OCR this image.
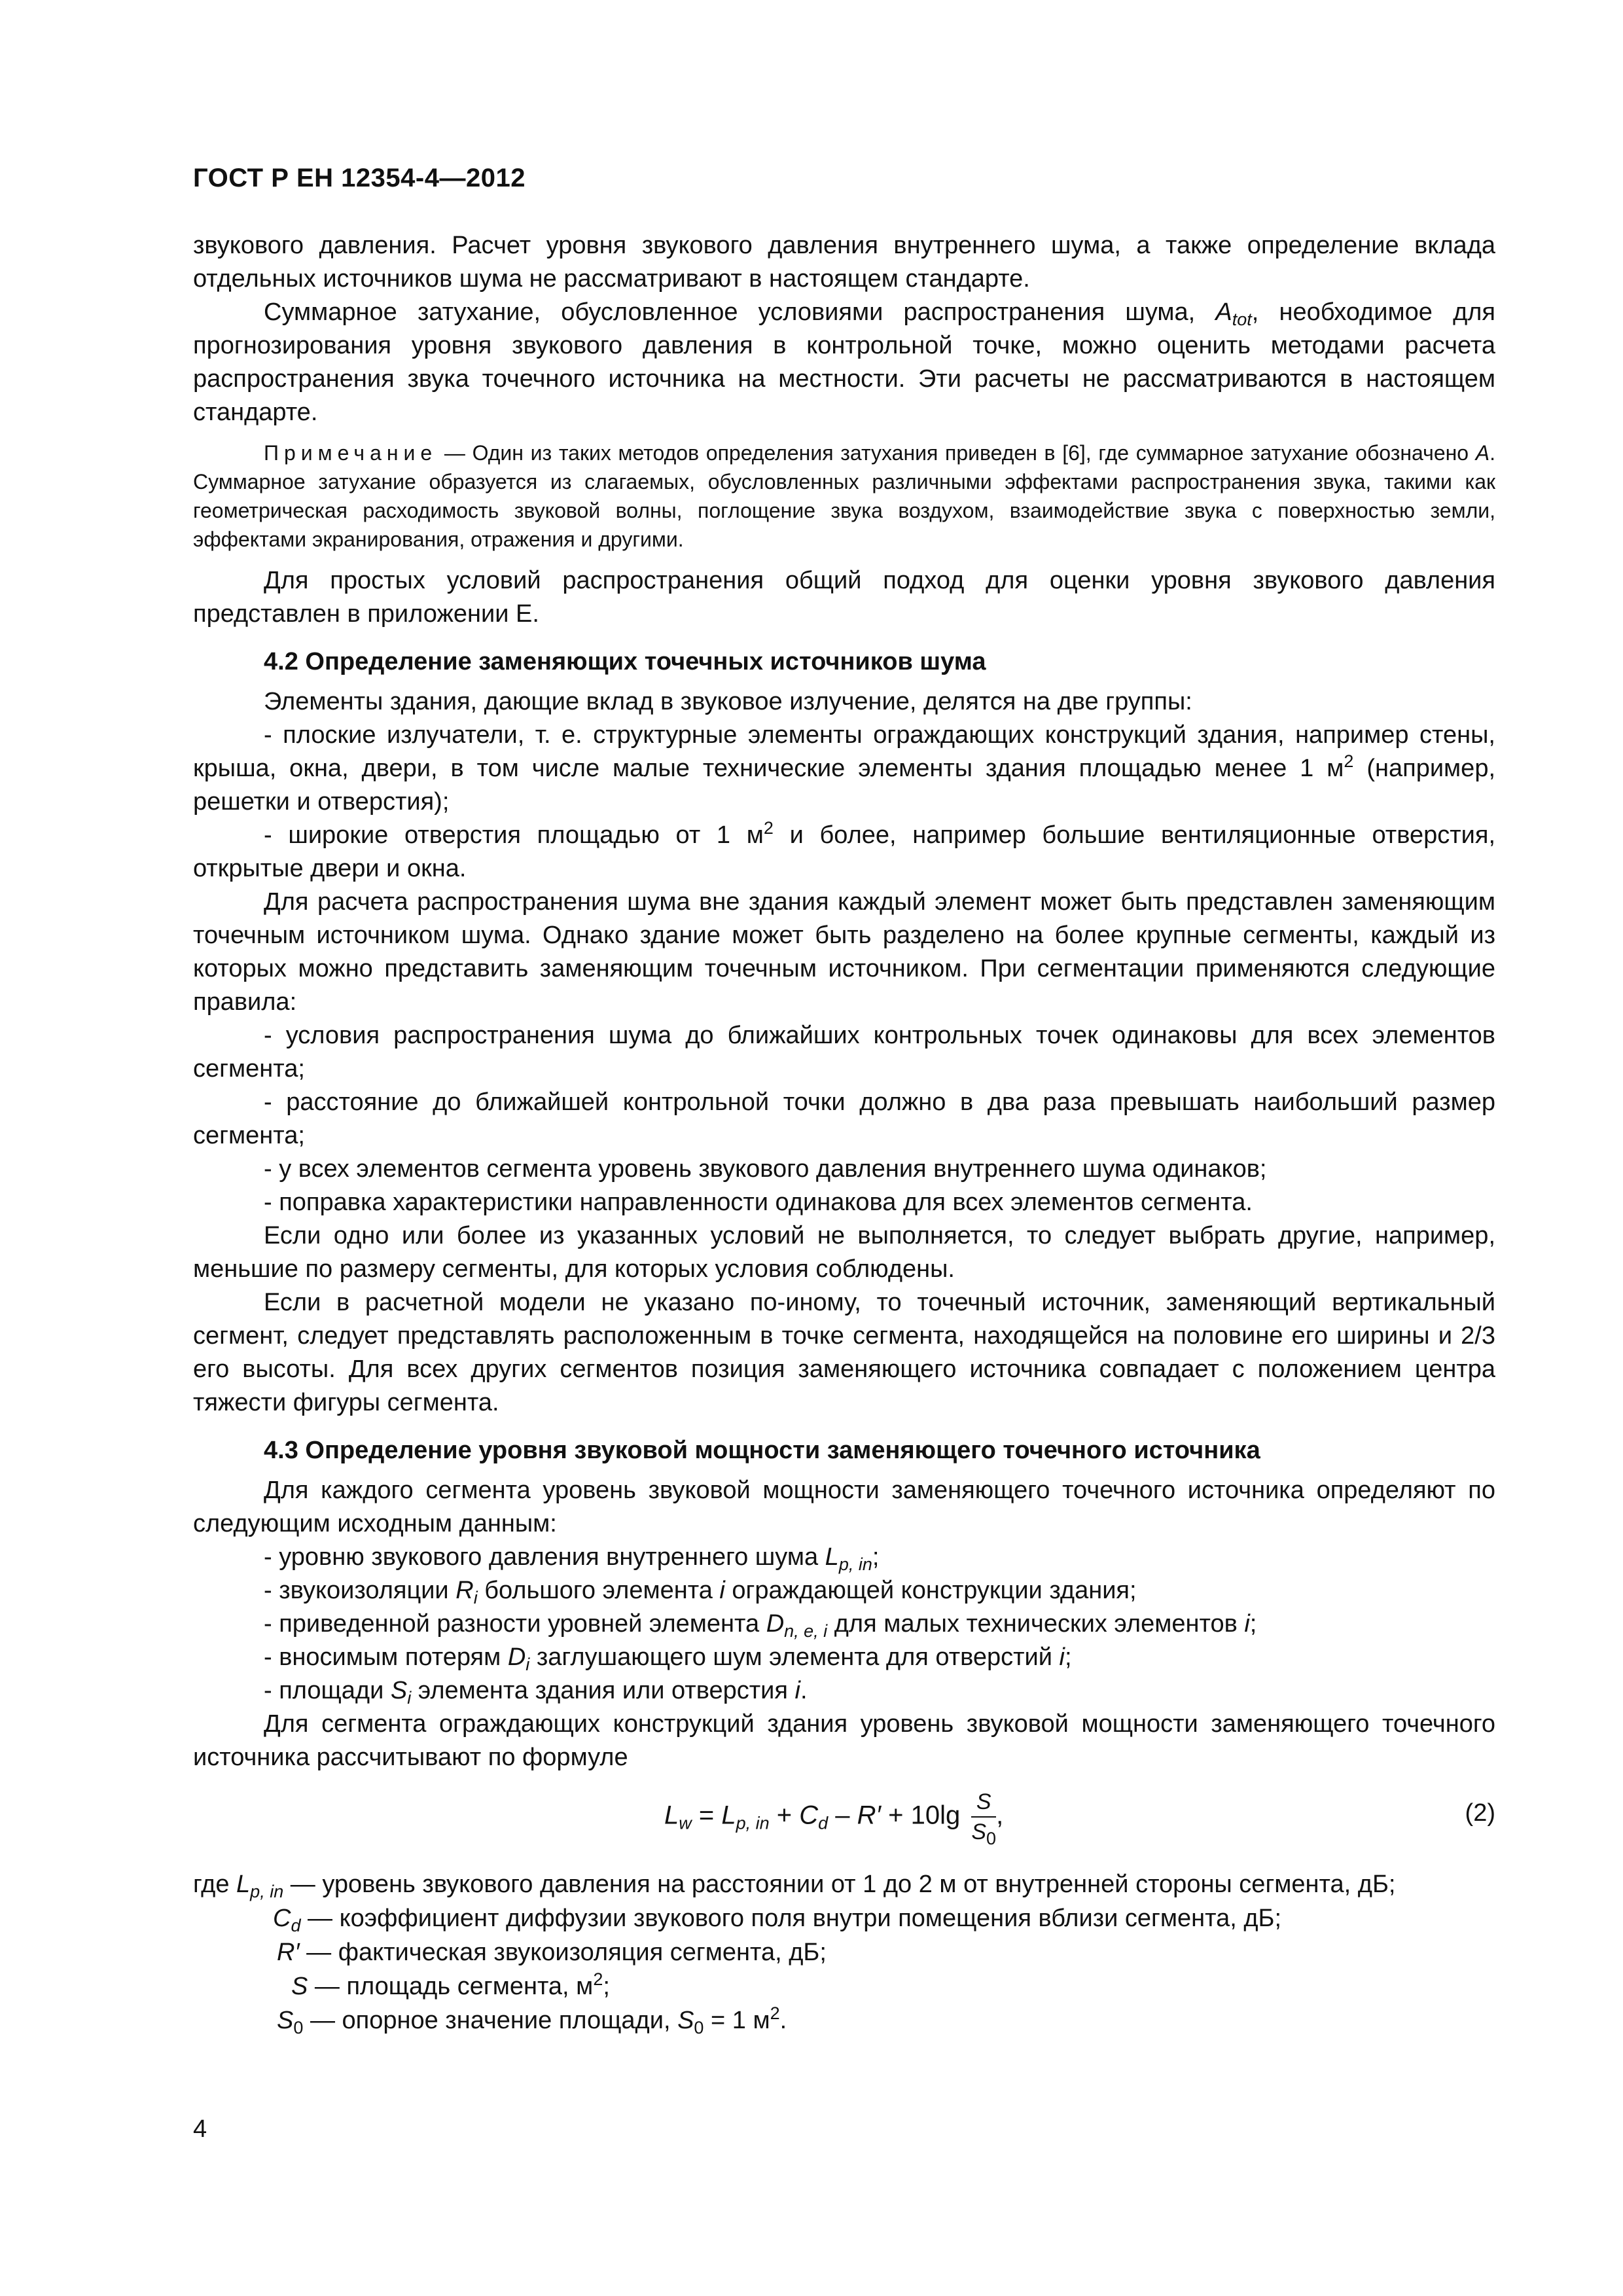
ГОСТ Р ЕН 12354-4—2012

звукового давления. Расчет уровня звукового давления внутреннего шума, а также определение вклада отдельных источников шума не рассматривают в настоящем стандарте.

Суммарное затухание, обусловленное условиями распространения шума, $A_{tot}$, необходимое для прогнозирования уровня звукового давления в контрольной точке, можно оценить методами расчета распространения звука точечного источника на местности. Эти расчеты не рассматриваются в настоящем стандарте.

Примечание — Один из таких методов определения затухания приведен в [6], где суммарное затухание обозначено A. Суммарное затухание образуется из слагаемых, обусловленных различными эффектами распространения звука, такими как геометрическая расходимость звуковой волны, поглощение звука воздухом, взаимодействие звука с поверхностью земли, эффектами экранирования, отражения и другими.

Для простых условий распространения общий подход для оценки уровня звукового давления представлен в приложении Е.

4.2 Определение заменяющих точечных источников шума

Элементы здания, дающие вклад в звуковое излучение, делятся на две группы:

- плоские излучатели, т. е. структурные элементы ограждающих конструкций здания, например стены, крыша, окна, двери, в том числе малые технические элементы здания площадью менее 1 $м^2$ (например, решетки и отверстия);

- широкие отверстия площадью от 1 $м^2$ и более, например большие вентиляционные отверстия, открытые двери и окна.

Для расчета распространения шума вне здания каждый элемент может быть представлен заменяющим точечным источником шума. Однако здание может быть разделено на более крупные сегменты, каждый из которых можно представить заменяющим точечным источником. При сегментации применяются следующие правила:

- условия распространения шума до ближайших контрольных точек одинаковы для всех элементов сегмента;

- расстояние до ближайшей контрольной точки должно в два раза превышать наибольший размер сегмента;

- у всех элементов сегмента уровень звукового давления внутреннего шума одинаков;

- поправка характеристики направленности одинакова для всех элементов сегмента.

Если одно или более из указанных условий не выполняется, то следует выбрать другие, например, меньшие по размеру сегменты, для которых условия соблюдены.

Если в расчетной модели не указано по-иному, то точечный источник, заменяющий вертикальный сегмент, следует представлять расположенным в точке сегмента, находящейся на половине его ширины и 2/3 его высоты. Для всех других сегментов позиция заменяющего источника совпадает с положением центра тяжести фигуры сегмента.

4.3 Определение уровня звуковой мощности заменяющего точечного источника

Для каждого сегмента уровень звуковой мощности заменяющего точечного источника определяют по следующим исходным данным:

- уровню звукового давления внутреннего шума $L_{p, in}$;

- звукоизоляции $R_i$ большого элемента i ограждающей конструкции здания;

- приведенной разности уровней элемента $D_{n, e, i}$ для малых технических элементов i;

- вносимым потерям $D_i$ заглушающего шум элемента для отверстий i;

- площади $S_i$ элемента здания или отверстия i.

Для сегмента ограждающих конструкций здания уровень звуковой мощности заменяющего точечного источника рассчитывают по формуле

$L_w = L_{p, in} + C_d - R' + 10\lg \frac{S}{S_0}$ ,	(2)
где $L_{p, in}$ — уровень звукового давления на расстоянии от 1 до 2 м от внутренней стороны сегмента, дБ;
$C_d$ — коэффициент диффузии звукового поля внутри помещения вблизи сегмента, дБ;
R′ — фактическая звукоизоляция сегмента, дБ;
S — площадь сегмента, $м^2$;
$S_0$ — опорное значение площади, $S_0 = 1$ $м^2$.
4
